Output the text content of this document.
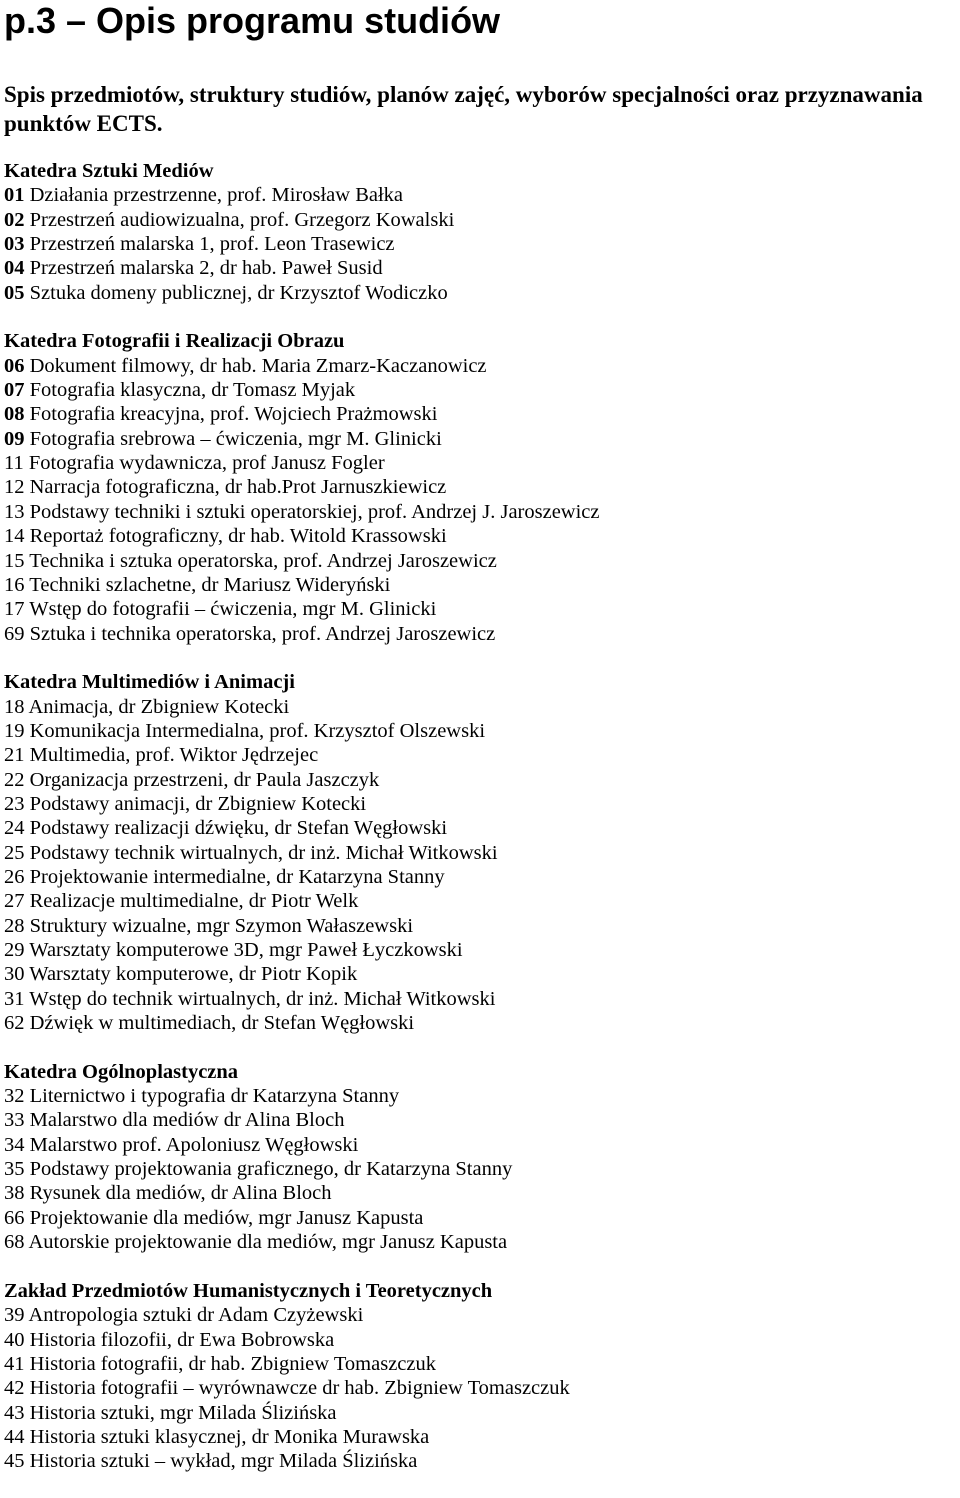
p.3 – Opis programu studiów

Spis przedmiotów, struktury studiów, planów zajęć, wyborów specjalności oraz przyznawania punktów ECTS.

Katedra Sztuki Mediów
01 Działania przestrzenne, prof. Mirosław Bałka
02 Przestrzeń audiowizualna, prof. Grzegorz Kowalski
03 Przestrzeń malarska 1, prof. Leon Trasewicz
04 Przestrzeń malarska 2, dr hab. Paweł Susid
05 Sztuka domeny publicznej, dr Krzysztof Wodiczko
Katedra Fotografii i Realizacji Obrazu
06 Dokument filmowy, dr hab. Maria Zmarz-Kaczanowicz
07 Fotografia klasyczna, dr Tomasz Myjak
08 Fotografia kreacyjna, prof. Wojciech Prażmowski
09 Fotografia srebrowa – ćwiczenia, mgr M. Glinicki
11 Fotografia wydawnicza, prof Janusz Fogler
12 Narracja fotograficzna, dr hab.Prot Jarnuszkiewicz
13 Podstawy techniki i sztuki operatorskiej, prof. Andrzej J. Jaroszewicz
14 Reportaż fotograficzny, dr hab. Witold Krassowski
15 Technika i sztuka operatorska, prof. Andrzej Jaroszewicz
16 Techniki szlachetne, dr Mariusz Wideryński
17 Wstęp do fotografii – ćwiczenia, mgr M. Glinicki
69 Sztuka i technika operatorska, prof. Andrzej Jaroszewicz
Katedra Multimediów i Animacji
18 Animacja, dr Zbigniew Kotecki
19 Komunikacja Intermedialna, prof. Krzysztof Olszewski
21 Multimedia, prof. Wiktor Jędrzejec
22 Organizacja przestrzeni, dr Paula Jaszczyk
23 Podstawy animacji, dr Zbigniew Kotecki
24 Podstawy realizacji dźwięku, dr Stefan Węgłowski
25 Podstawy technik wirtualnych, dr inż. Michał Witkowski
26 Projektowanie intermedialne, dr Katarzyna Stanny
27 Realizacje multimedialne, dr Piotr Welk
28 Struktury wizualne, mgr Szymon Wałaszewski
29 Warsztaty komputerowe 3D, mgr Paweł Łyczkowski
30 Warsztaty komputerowe, dr Piotr Kopik
31 Wstęp do technik wirtualnych, dr inż. Michał Witkowski
62 Dźwięk w multimediach, dr Stefan Węgłowski
Katedra Ogólnoplastyczna
32 Liternictwo i typografia dr Katarzyna Stanny
33 Malarstwo dla mediów dr Alina Bloch
34 Malarstwo prof. Apoloniusz Węgłowski
35 Podstawy projektowania graficznego, dr Katarzyna Stanny
38 Rysunek dla mediów, dr Alina Bloch
66 Projektowanie dla mediów, mgr Janusz Kapusta
68 Autorskie projektowanie dla mediów, mgr Janusz Kapusta
Zakład Przedmiotów Humanistycznych i Teoretycznych
39 Antropologia sztuki dr Adam Czyżewski
40 Historia filozofii, dr Ewa Bobrowska
41 Historia fotografii, dr hab. Zbigniew Tomaszczuk
42 Historia fotografii – wyrównawcze dr hab. Zbigniew Tomaszczuk
43 Historia sztuki, mgr Milada Ślizińska
44 Historia sztuki klasycznej, dr Monika Murawska
45 Historia sztuki – wykład, mgr Milada Ślizińska
